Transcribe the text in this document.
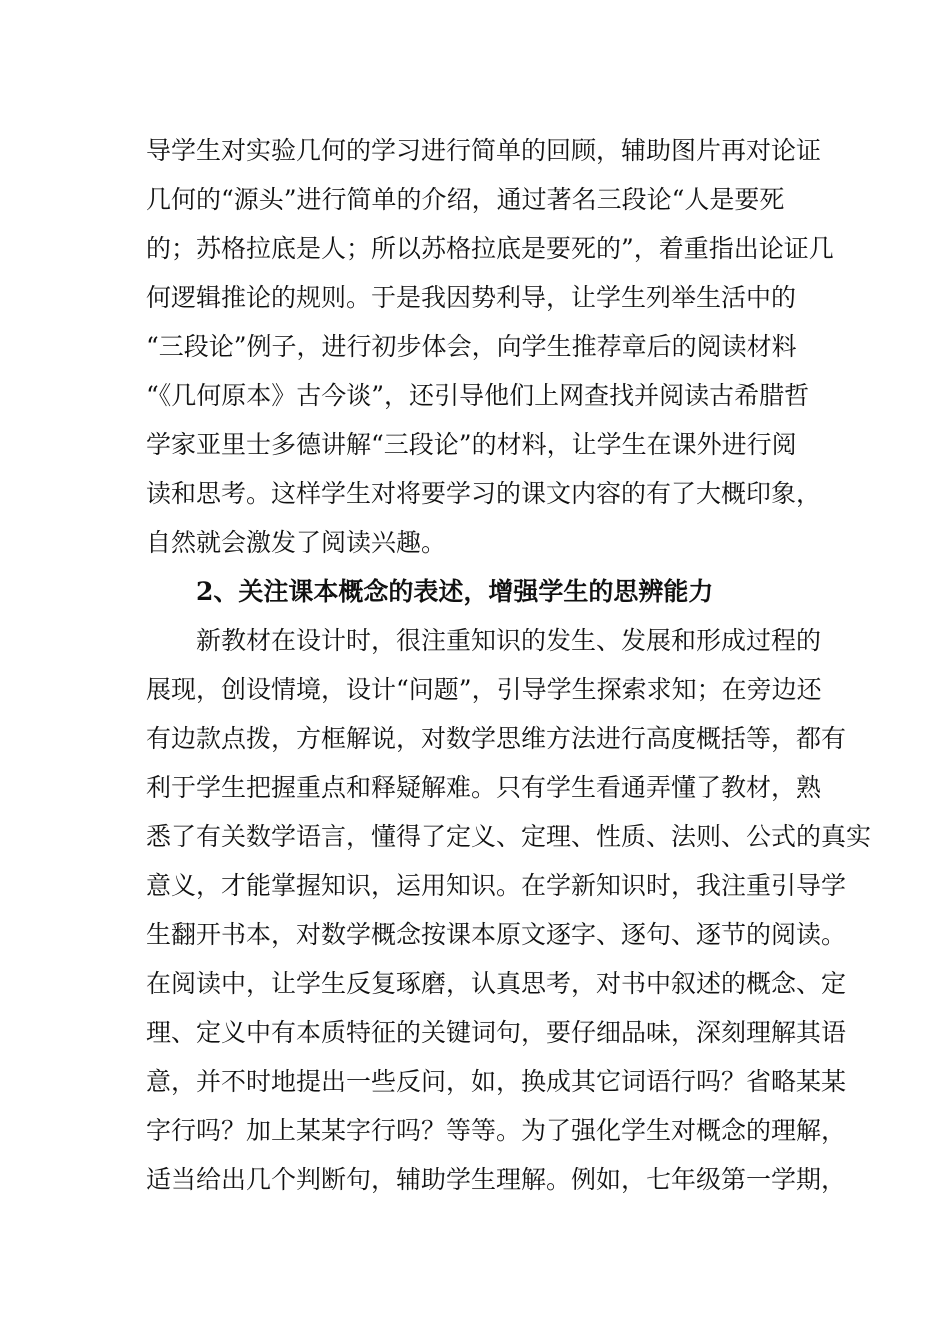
导学生对实验几何的学习进行简单的回顾，辅助图片再对论证
几何的“源头”进行简单的介绍，通过著名三段论“人是要死
的；苏格拉底是人；所以苏格拉底是要死的”，着重指出论证几
何逻辑推论的规则。于是我因势利导，让学生列举生活中的
“三段论”例子，进行初步体会，向学生推荐章后的阅读材料
“《几何原本》古今谈”，还引导他们上网查找并阅读古希腊哲
学家亚里士多德讲解“三段论”的材料，让学生在课外进行阅
读和思考。这样学生对将要学习的课文内容的有了大概印象，
自然就会激发了阅读兴趣。
2、关注课本概念的表述，增强学生的思辨能力
新教材在设计时，很注重知识的发生、发展和形成过程的
展现，创设情境，设计“问题”，引导学生探索求知；在旁边还
有边款点拨，方框解说，对数学思维方法进行高度概括等，都有
利于学生把握重点和释疑解难。只有学生看通弄懂了教材，熟
悉了有关数学语言，懂得了定义、定理、性质、法则、公式的真实
意义，才能掌握知识，运用知识。在学新知识时，我注重引导学
生翻开书本，对数学概念按课本原文逐字、逐句、逐节的阅读。
在阅读中，让学生反复琢磨，认真思考，对书中叙述的概念、定
理、定义中有本质特征的关键词句，要仔细品味，深刻理解其语
意，并不时地提出一些反问，如，换成其它词语行吗？省略某某
字行吗？加上某某字行吗？等等。为了强化学生对概念的理解，
适当给出几个判断句，辅助学生理解。例如，七年级第一学期，
